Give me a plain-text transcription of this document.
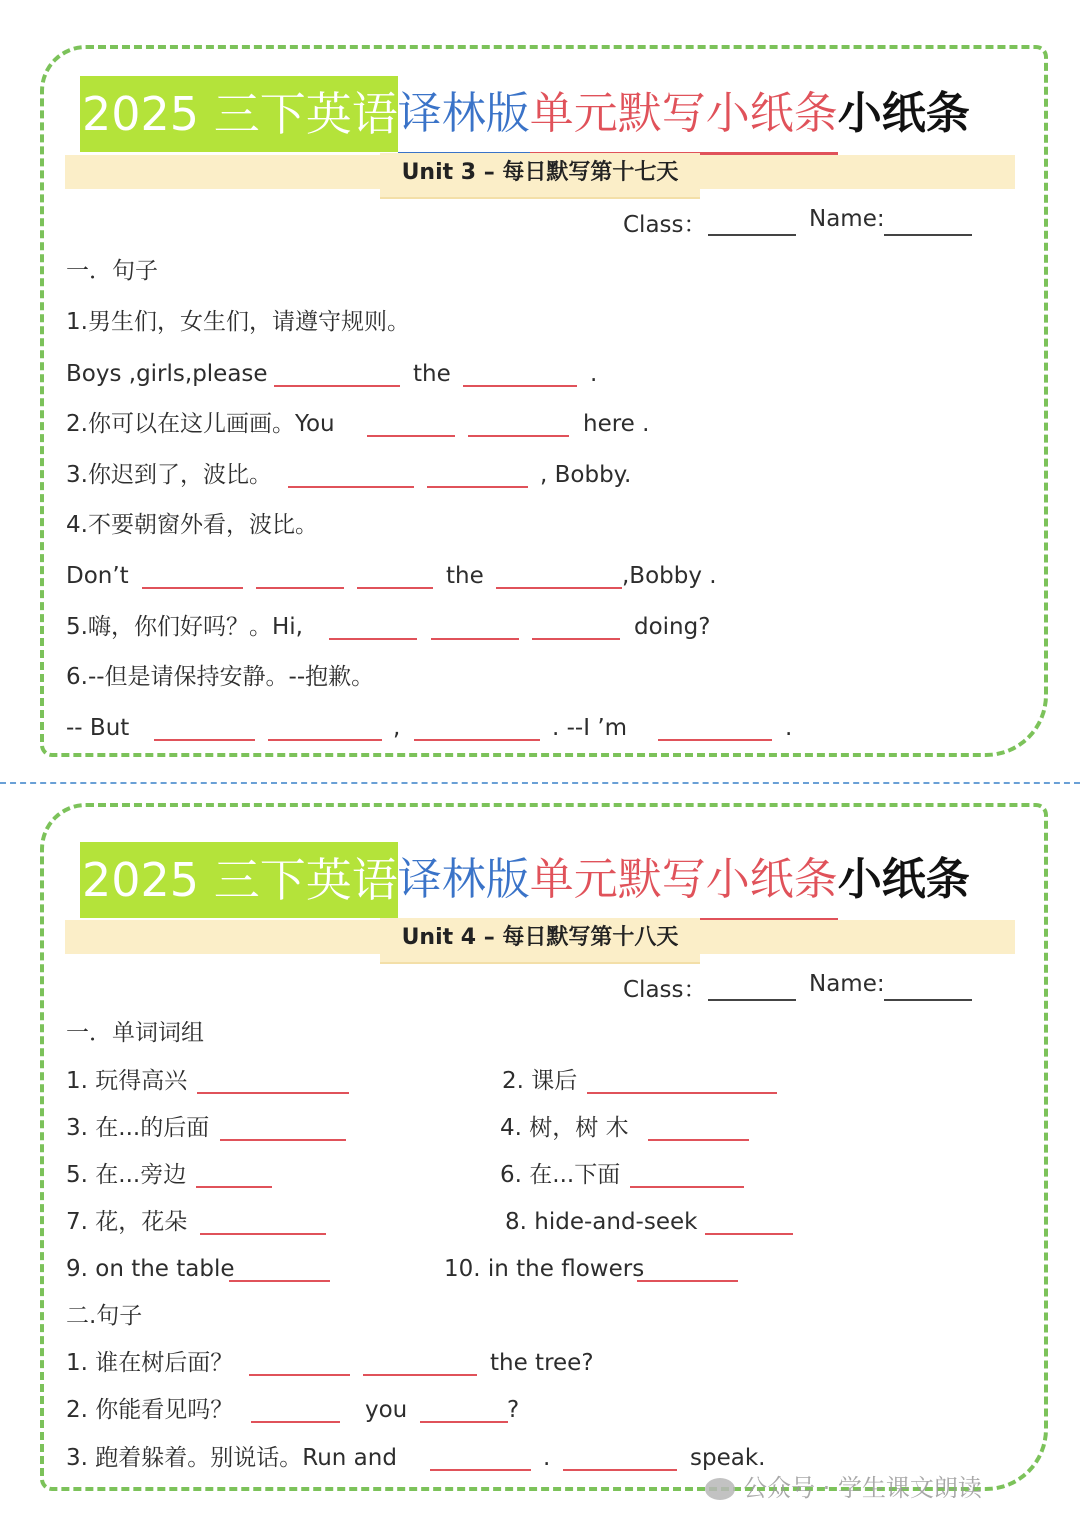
2025 三下英语译林版单元默写小纸条小纸条
Unit 3 – 每日默写第十七天
Class：	Name:
一．句子
1.男生们，女生们，请遵守规则。
Boys ,girls,please	the	.
2.你可以在这儿画画。You	here .
3.你迟到了，波比。	, Bobby.
4.不要朝窗外看，波比。
Don’t	the	,Bobby .
5.嗨，你们好吗？。Hi,	doing?
6.--但是请保持安静。--抱歉。
-- But	,	. --I ’m	.
2025 三下英语译林版单元默写小纸条小纸条
Unit 4 – 每日默写第十八天
Class：	Name:
一．单词词组
1. 玩得高兴	2. 课后
3. 在...的后面	4. 树，树 木
5. 在...旁边	6. 在...下面
7. 花，花朵	8. hide-and-seek
9. on the table	10. in the flowers
二.句子
1. 谁在树后面？	the tree?
2. 你能看见吗？	you	?
3. 跑着躲着。别说话。Run and	.	speak.
公众号 · 学生课文朗读
